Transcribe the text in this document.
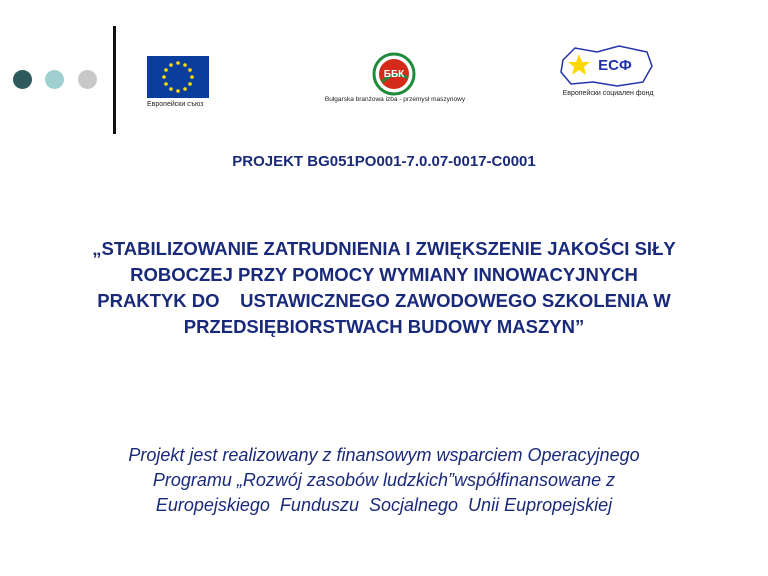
Европейски съюз
ББК
Bułgarska branżowa izba - przemysł maszynowy
ЕСФ
Европейски социален фонд
PROJEKT BG051PO001-7.0.07-0017-C0001

„STABILIZOWANIE ZATRUDNIENIA I ZWIĘKSZENIE JAKOŚCI SIŁY
ROBOCZEJ PRZY POMOCY WYMIANY INNOWACYJNYCH
PRAKTYK DO    USTAWICZNEGO ZAWODOWEGO SZKOLENIA W
PRZEDSIĘBIORSTWACH BUDOWY MASZYN”

Projekt jest realizowany z finansowym wsparciem Operacyjnego
Programu „Rozwój zasobów ludzkich”współfinansowane z
Europejskiego  Funduszu  Socjalnego  Unii Eupropejskiej
